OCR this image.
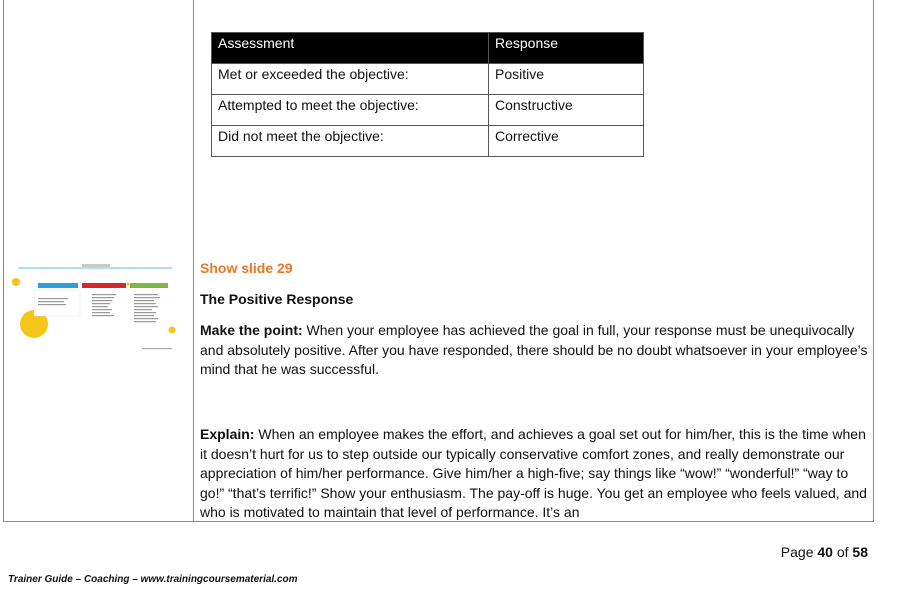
Assessment	Response
Met or exceeded the objective:	Positive
Attempted to meet the objective:	Constructive
Did not meet the objective:	Corrective
Show slide 29
The Positive Response
Make the point: When your employee has achieved the goal in full, your response must be unequivocally and absolutely positive. After you have responded, there should be no doubt whatsoever in your employee’s mind that he was successful.
Explain: When an employee makes the effort, and achieves a goal set out for him/her, this is the time when it doesn’t hurt for us to step outside our typically conservative comfort zones, and really demonstrate our appreciation of him/her performance. Give him/her a high-five; say things like “wow!” “wonderful!” “way to go!” “that’s terrific!” Show your enthusiasm. The pay-off is huge. You get an employee who feels valued, and who is motivated to maintain that level of performance. It’s an
Page 40 of 58
Trainer Guide – Coaching – www.trainingcoursematerial.com
